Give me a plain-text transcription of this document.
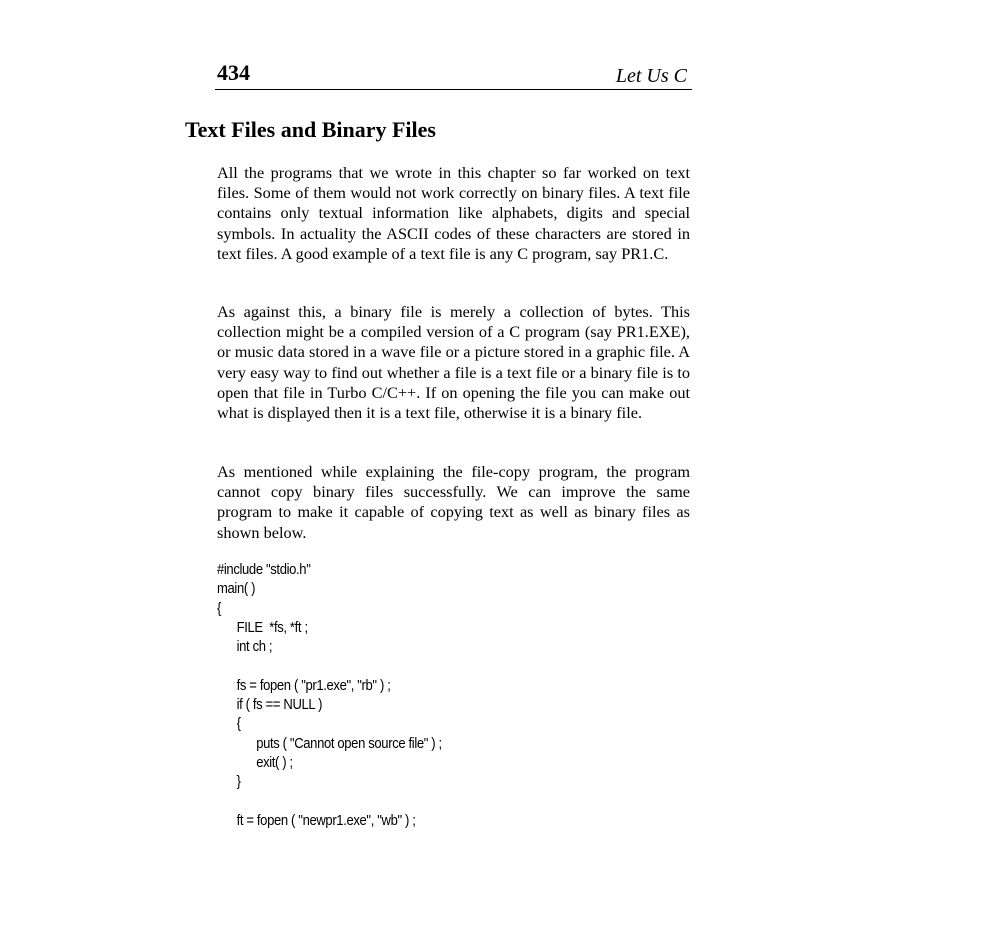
434	Let Us C
Text Files and Binary Files

All the programs that we wrote in this chapter so far worked on text files. Some of them would not work correctly on binary files. A text file contains only textual information like alphabets, digits and special symbols. In actuality the ASCII codes of these characters are stored in text files. A good example of a text file is any C program, say PR1.C.

As against this, a binary file is merely a collection of bytes. This collection might be a compiled version of a C program (say PR1.EXE), or music data stored in a wave file or a picture stored in a graphic file. A very easy way to find out whether a file is a text file or a binary file is to open that file in Turbo C/C++. If on opening the file you can make out what is displayed then it is a text file, otherwise it is a binary file.

As mentioned while explaining the file-copy program, the program cannot copy binary files successfully. We can improve the same program to make it capable of copying text as well as binary files as shown below.

#include "stdio.h"
main( )
{
FILE  *fs, *ft ;
int ch ;
fs = fopen ( "pr1.exe", "rb" ) ;
if ( fs == NULL )
{
puts ( "Cannot open source file" ) ;
exit( ) ;
}
ft = fopen ( "newpr1.exe", "wb" ) ;
